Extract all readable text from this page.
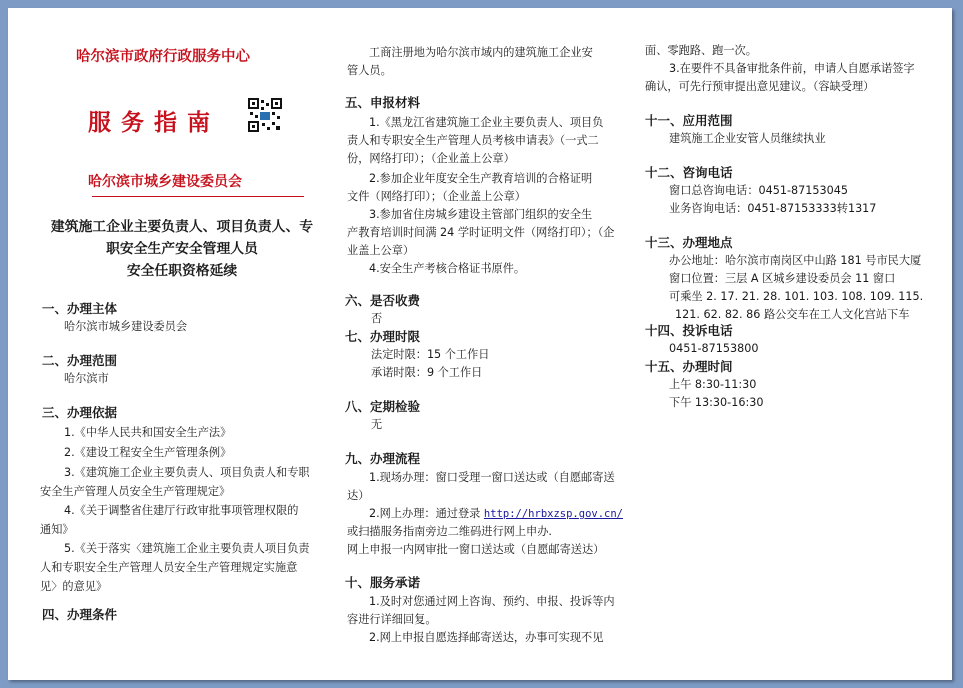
哈尔滨市政府行政服务中心
服务指南
哈尔滨市城乡建设委员会
建筑施工企业主要负责人、项目负责人、专
职安全生产安全管理人员
安全任职资格延续
一、办理主体
哈尔滨市城乡建设委员会
二、办理范围
哈尔滨市
三、办理依据
1.《中华人民共和国安全生产法》
2.《建设工程安全生产管理条例》
3.《建筑施工企业主要负责人、项目负责人和专职
安全生产管理人员安全生产管理规定》
4.《关于调整省住建厅行政审批事项管理权限的
通知》
5.《关于落实〈建筑施工企业主要负责人项目负责
人和专职安全生产管理人员安全生产管理规定实施意
见〉的意见》
四、办理条件
工商注册地为哈尔滨市域内的建筑施工企业安
管人员。
五、申报材料
1.《黑龙江省建筑施工企业主要负责人、项目负
责人和专职安全生产管理人员考核申请表》（一式二
份，网络打印）；（企业盖上公章）
2.参加企业年度安全生产教育培训的合格证明
文件（网络打印）；（企业盖上公章）
3.参加省住房城乡建设主管部门组织的安全生
产教育培训时间满 24 学时证明文件（网络打印）；（企
业盖上公章）
4.安全生产考核合格证书原件。
六、是否收费
否
七、办理时限
法定时限：15 个工作日
承诺时限：9 个工作日
八、定期检验
无
九、办理流程
1.现场办理：窗口受理一窗口送达或（自愿邮寄送
达）
2.网上办理：通过登录 http://hrbxzsp.gov.cn/
或扫描服务指南旁边二维码进行网上申办.
网上申报一内网审批一窗口送达或（自愿邮寄送达）
十、服务承诺
1.及时对您通过网上咨询、预约、申报、投诉等内
容进行详细回复。
2.网上申报自愿选择邮寄送达，办事可实现不见
面、零跑路、跑一次。
3.在要件不具备审批条件前，申请人自愿承诺签字
确认，可先行预审提出意见建议。（容缺受理）
十一、应用范围
建筑施工企业安管人员继续执业
十二、咨询电话
窗口总咨询电话：0451-87153045
业务咨询电话：0451-87153333转1317
十三、办理地点
办公地址：哈尔滨市南岗区中山路 181 号市民大厦
窗口位置：三层 A 区城乡建设委员会 11 窗口
可乘坐 2. 17. 21. 28. 101. 103. 108. 109. 115.
121. 62. 82. 86 路公交车在工人文化宫站下车
十四、投诉电话
0451-87153800
十五、办理时间
上午 8:30-11:30
下午 13:30-16:30
